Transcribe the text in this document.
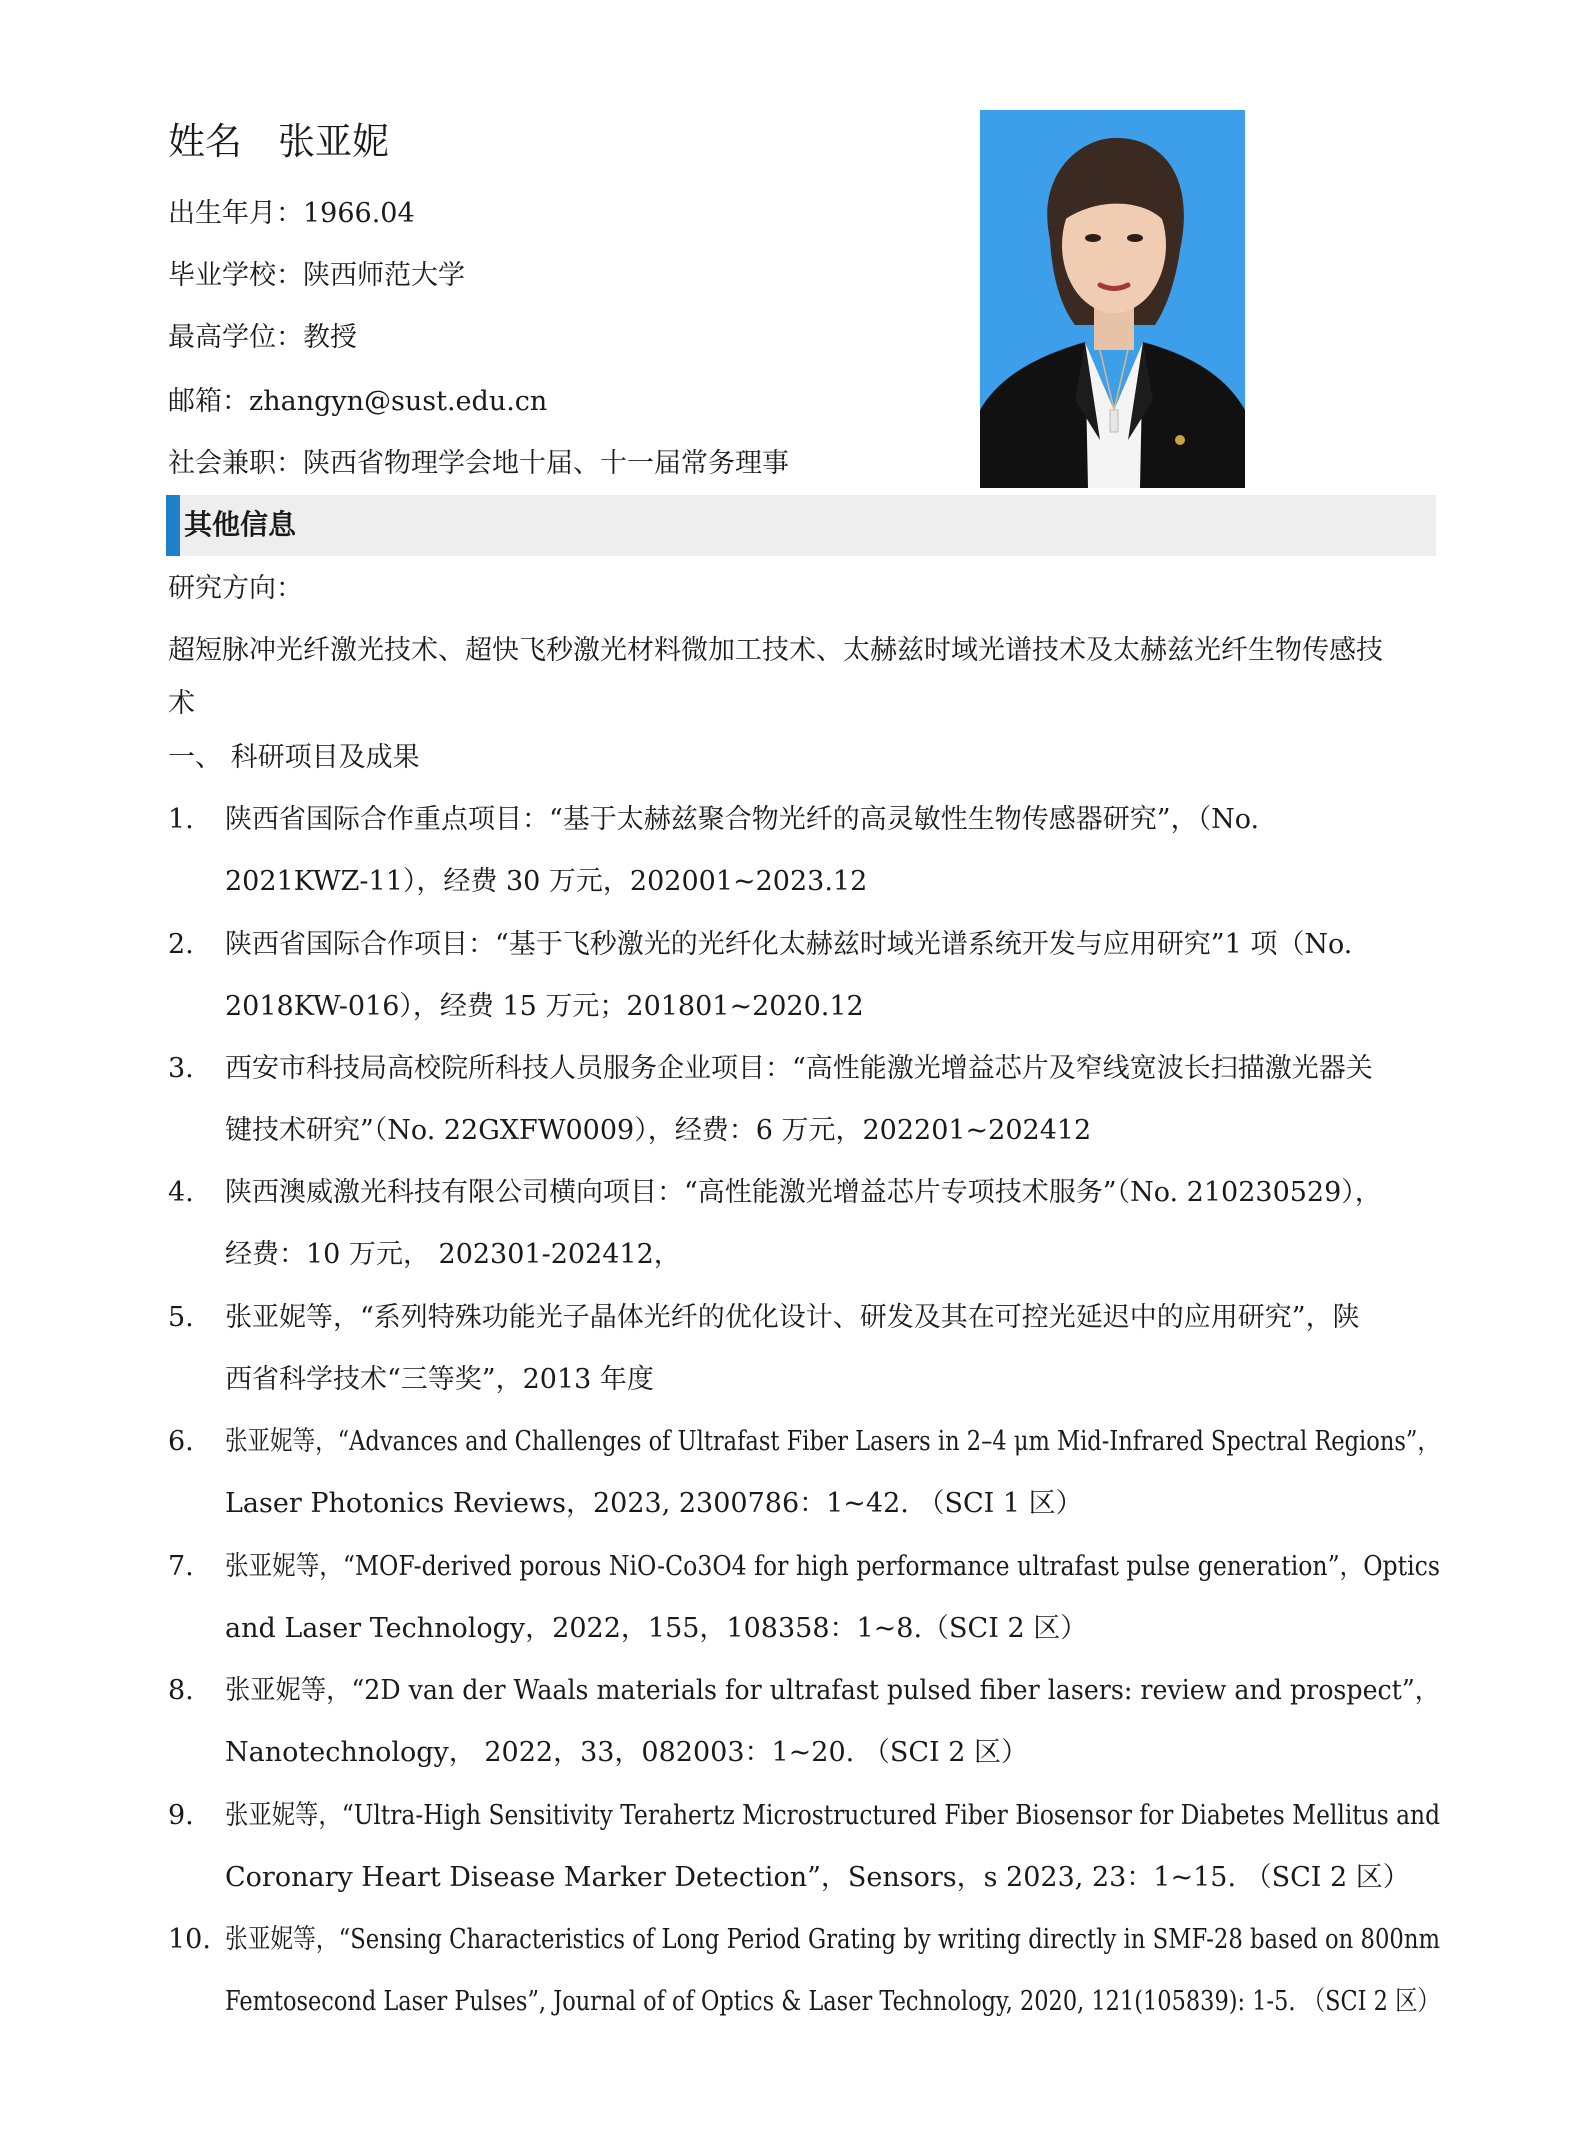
姓名 张亚妮
出生年月：1966.04
毕业学校：陕西师范大学
最高学位：教授
邮箱：zhangyn@sust.edu.cn
社会兼职：陕西省物理学会地十届、十一届常务理事
其他信息
研究方向：
超短脉冲光纤激光技术、超快飞秒激光材料微加工技术、太赫兹时域光谱技术及太赫兹光纤生物传感技
术
一、 科研项目及成果
1. 陕西省国际合作重点项目：“基于太赫兹聚合物光纤的高灵敏性生物传感器研究”，（No.
2021KWZ-11），经费 30 万元，202001~2023.12
2. 陕西省国际合作项目：“基于飞秒激光的光纤化太赫兹时域光谱系统开发与应用研究”1 项（No.
2018KW-016），经费 15 万元；201801~2020.12
3. 西安市科技局高校院所科技人员服务企业项目：“高性能激光增益芯片及窄线宽波长扫描激光器关
键技术研究”（No. 22GXFW0009），经费：6 万元，202201~202412
4. 陕西澳威激光科技有限公司横向项目：“高性能激光增益芯片专项技术服务”（No. 210230529），
经费：10 万元， 202301-202412，
5. 张亚妮等，“系列特殊功能光子晶体光纤的优化设计、研发及其在可控光延迟中的应用研究”，陕
西省科学技术“三等奖”，2013 年度
6. 张亚妮等，“Advances and Challenges of Ultrafast Fiber Lasers in 2–4 μm Mid-Infrared Spectral Regions”，
Laser Photonics Reviews，2023, 2300786：1~42. （SCI 1 区）
7. 张亚妮等，“MOF-derived porous NiO-Co3O4 for high performance ultrafast pulse generation”，Optics
and Laser Technology，2022，155，108358：1~8.（SCI 2 区）
8. 张亚妮等，“2D van der Waals materials for ultrafast pulsed fiber lasers: review and prospect”，
Nanotechnology， 2022，33，082003：1~20. （SCI 2 区）
9. 张亚妮等，“Ultra-High Sensitivity Terahertz Microstructured Fiber Biosensor for Diabetes Mellitus and
Coronary Heart Disease Marker Detection”，Sensors，s 2023, 23：1~15. （SCI 2 区）
10. 张亚妮等，“Sensing Characteristics of Long Period Grating by writing directly in SMF-28 based on 800nm
Femtosecond Laser Pulses”, Journal of of Optics & Laser Technology, 2020, 121(105839): 1-5. （SCI 2 区）
